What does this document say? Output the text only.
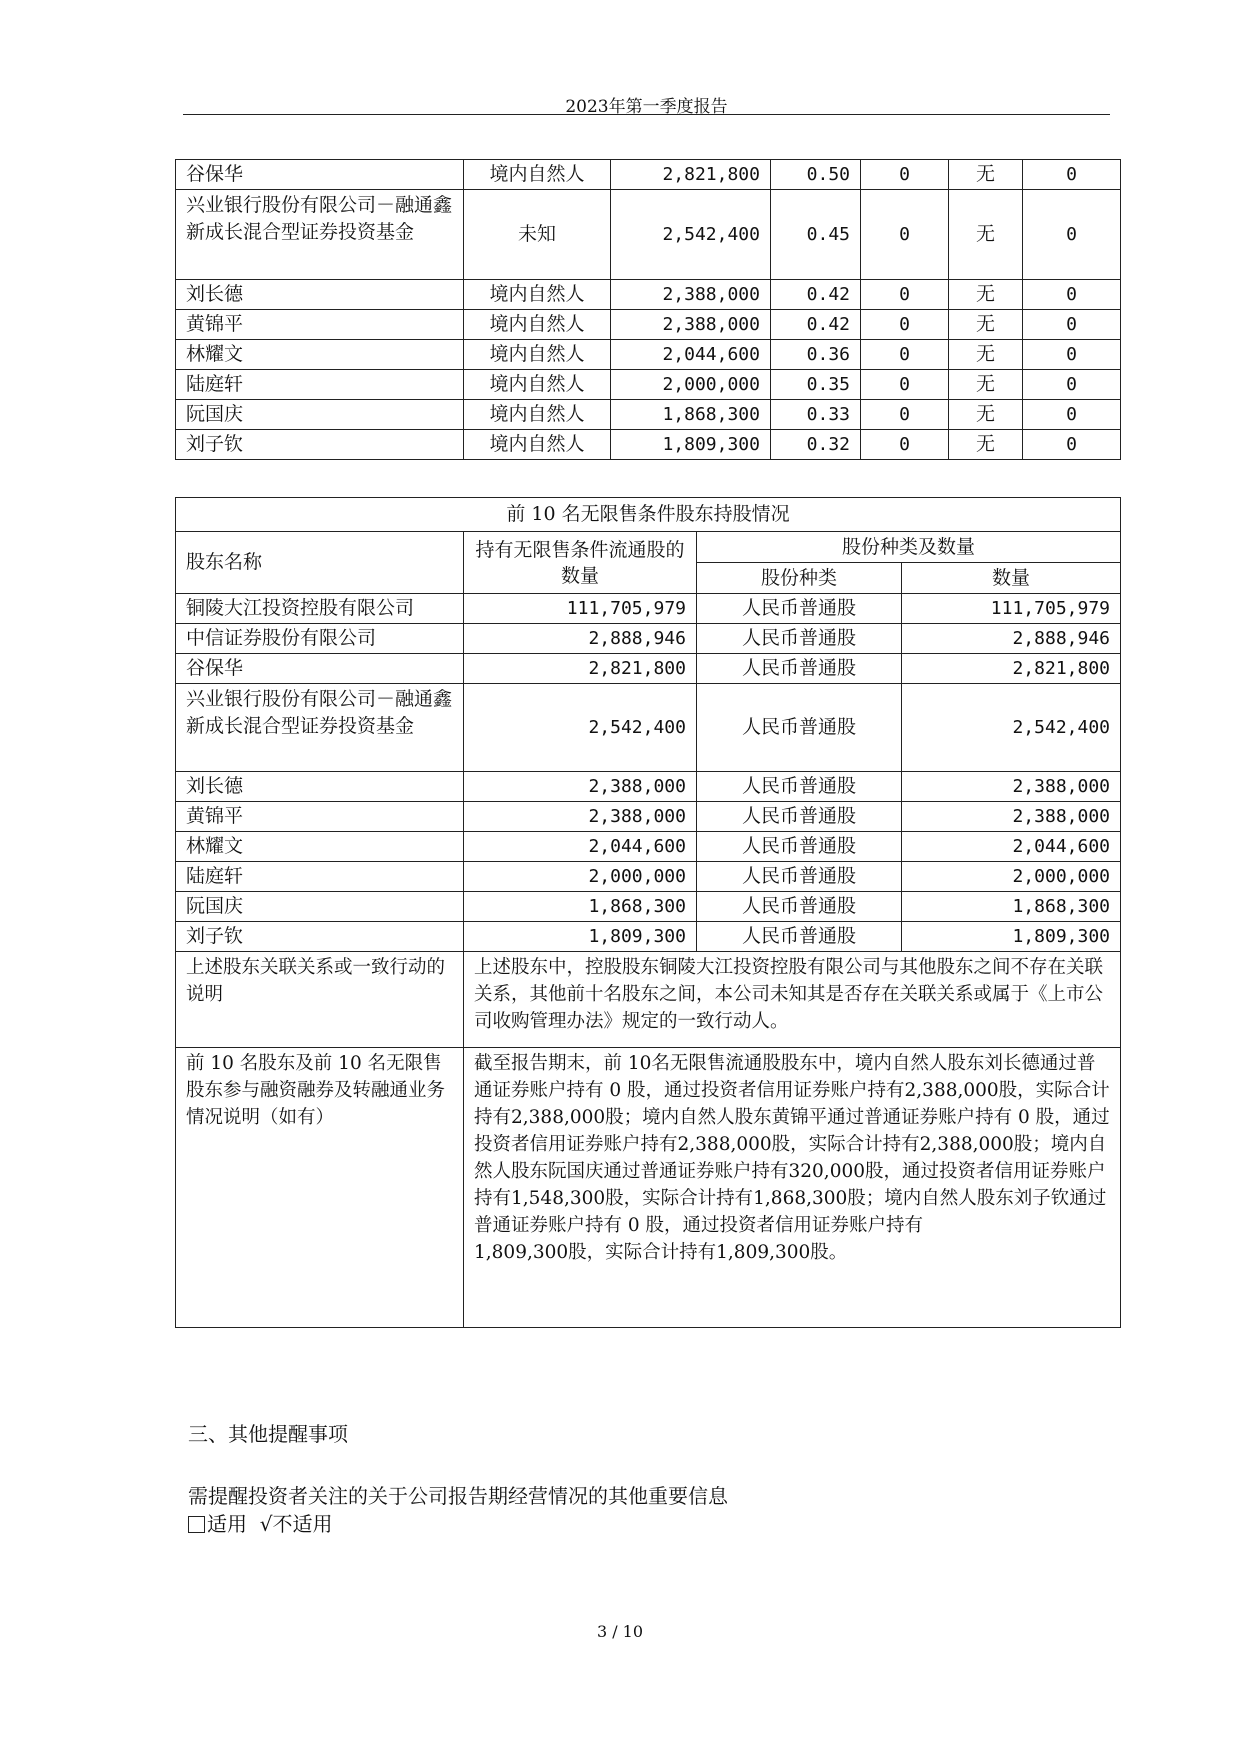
2023年第一季度报告
谷保华	境内自然人	2,821,800	0.50	0	无	0
兴业银行股份有限公司－融通鑫新成长混合型证券投资基金	未知	2,542,400	0.45	0	无	0
刘长德	境内自然人	2,388,000	0.42	0	无	0
黄锦平	境内自然人	2,388,000	0.42	0	无	0
林耀文	境内自然人	2,044,600	0.36	0	无	0
陆庭轩	境内自然人	2,000,000	0.35	0	无	0
阮国庆	境内自然人	1,868,300	0.33	0	无	0
刘子钦	境内自然人	1,809,300	0.32	0	无	0
前 10 名无限售条件股东持股情况			
股东名称	持有无限售条件流通股的数量	股份种类及数量	
		股份种类	数量
铜陵大江投资控股有限公司	111,705,979	人民币普通股	111,705,979
中信证券股份有限公司	2,888,946	人民币普通股	2,888,946
谷保华	2,821,800	人民币普通股	2,821,800
兴业银行股份有限公司－融通鑫新成长混合型证券投资基金	2,542,400	人民币普通股	2,542,400
刘长德	2,388,000	人民币普通股	2,388,000
黄锦平	2,388,000	人民币普通股	2,388,000
林耀文	2,044,600	人民币普通股	2,044,600
陆庭轩	2,000,000	人民币普通股	2,000,000
阮国庆	1,868,300	人民币普通股	1,868,300
刘子钦	1,809,300	人民币普通股	1,809,300
上述股东关联关系或一致行动的说明	上述股东中，控股股东铜陵大江投资控股有限公司与其他股东之间不存在关联关系，其他前十名股东之间，本公司未知其是否存在关联关系或属于《上市公司收购管理办法》规定的一致行动人。		
前 10 名股东及前 10 名无限售股东参与融资融券及转融通业务情况说明（如有）	截至报告期末，前 10名无限售流通股股东中，境内自然人股东刘长德通过普通证券账户持有 0 股，通过投资者信用证券账户持有2,388,000股，实际合计持有2,388,000股；境内自然人股东黄锦平通过普通证券账户持有 0 股，通过投资者信用证券账户持有2,388,000股，实际合计持有2,388,000股；境内自然人股东阮国庆通过普通证券账户持有320,000股，通过投资者信用证券账户持有1,548,300股，实际合计持有1,868,300股；境内自然人股东刘子钦通过普通证券账户持有 0 股，通过投资者信用证券账户持有
1,809,300股，实际合计持有1,809,300股。		
三、其他提醒事项
需提醒投资者关注的关于公司报告期经营情况的其他重要信息
适用 √不适用
3 / 10
